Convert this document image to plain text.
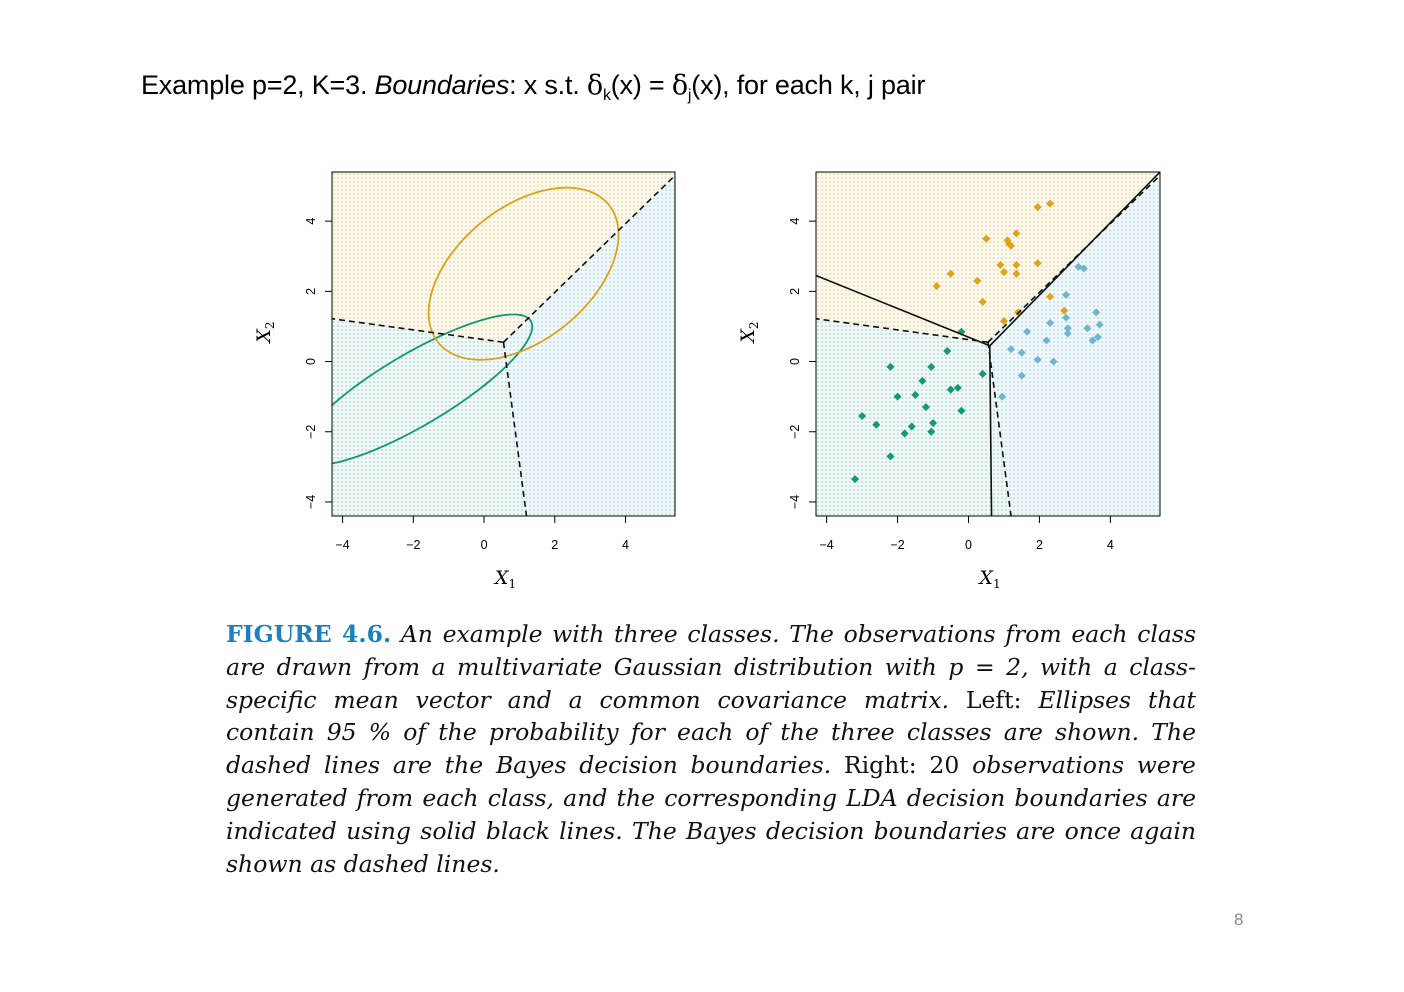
Example p=2, K=3. Boundaries: x s.t. $\delta_k(x) = \delta_j(x)$, for each k, j pair
−4	−2	0	2	4
−4
−2
0
2
4
$X_1$
$X_2$
−4	−2	0	2	4
−4
−2
0
2
4
$X_1$
$X_2$
FIGURE 4.6. An example with three classes. The observations from each class are drawn from a multivariate Gaussian distribution with p = 2, with a class-specific mean vector and a common covariance matrix. Left: Ellipses that contain 95 % of the probability for each of the three classes are shown. The dashed lines are the Bayes decision boundaries. Right: 20 observations were generated from each class, and the corresponding LDA decision boundaries are indicated using solid black lines. The Bayes decision boundaries are once again shown as dashed lines.
8
